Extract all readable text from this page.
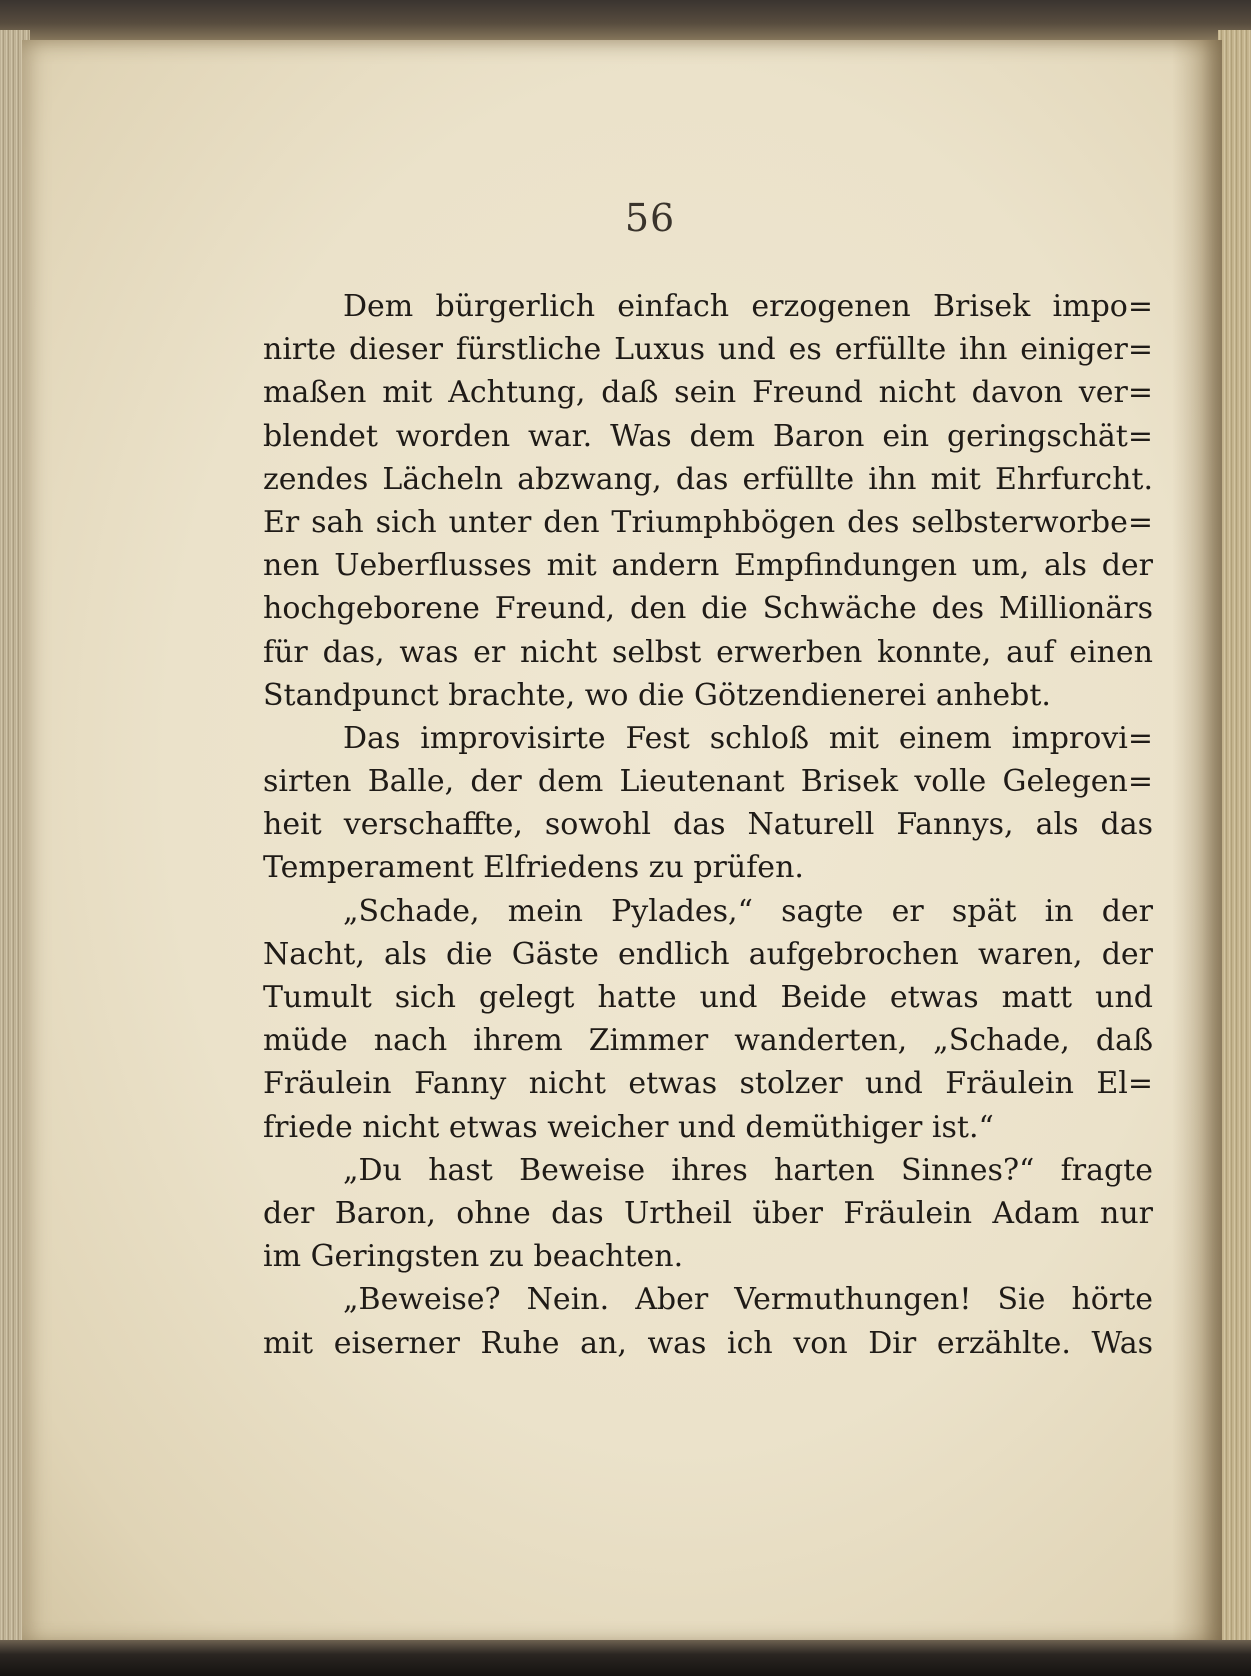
56
Dem bürgerlich einfach erzogenen Brisek impo=
nirte dieser fürstliche Luxus und es erfüllte ihn einiger=
maßen mit Achtung, daß sein Freund nicht davon ver=
blendet worden war. Was dem Baron ein geringschät=
zendes Lächeln abzwang, das erfüllte ihn mit Ehrfurcht.
Er sah sich unter den Triumphbögen des selbsterworbe=
nen Ueberflusses mit andern Empfindungen um, als der
hochgeborene Freund, den die Schwäche des Millionärs
für das, was er nicht selbst erwerben konnte, auf einen
Standpunct brachte, wo die Götzendienerei anhebt.
Das improvisirte Fest schloß mit einem improvi=
sirten Balle, der dem Lieutenant Brisek volle Gelegen=
heit verschaffte, sowohl das Naturell Fannys, als das
Temperament Elfriedens zu prüfen.
„Schade, mein Pylades,“ sagte er spät in der
Nacht, als die Gäste endlich aufgebrochen waren, der
Tumult sich gelegt hatte und Beide etwas matt und
müde nach ihrem Zimmer wanderten, „Schade, daß
Fräulein Fanny nicht etwas stolzer und Fräulein El=
friede nicht etwas weicher und demüthiger ist.“
„Du hast Beweise ihres harten Sinnes?“ fragte
der Baron, ohne das Urtheil über Fräulein Adam nur
im Geringsten zu beachten.
„Beweise? Nein. Aber Vermuthungen! Sie hörte
mit eiserner Ruhe an, was ich von Dir erzählte. Was
